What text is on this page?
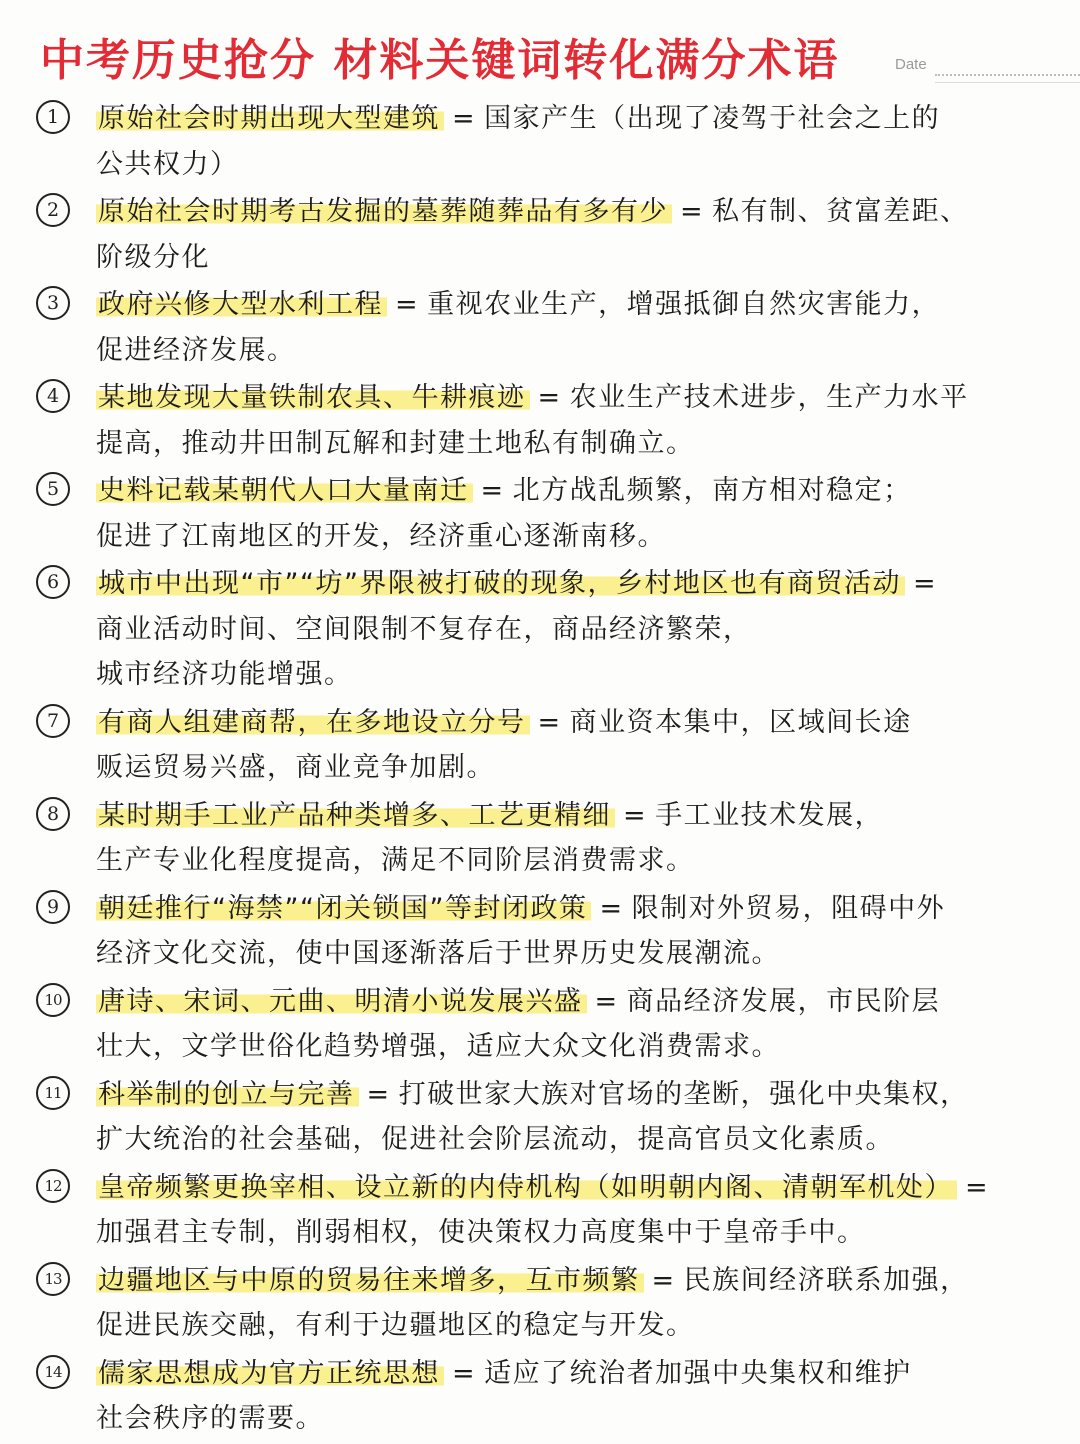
中考历史抢分 材料关键词转化满分术语	Date
1	原始社会时期出现大型建筑 = 国家产生（出现了凌驾于社会之上的
公共权力）
2	原始社会时期考古发掘的墓葬随葬品有多有少 = 私有制、贫富差距、
阶级分化
3	政府兴修大型水利工程 = 重视农业生产，增强抵御自然灾害能力，
促进经济发展。
4	某地发现大量铁制农具、牛耕痕迹 = 农业生产技术进步，生产力水平
提高，推动井田制瓦解和封建土地私有制确立。
5	史料记载某朝代人口大量南迁 = 北方战乱频繁，南方相对稳定；
促进了江南地区的开发，经济重心逐渐南移。
6	城市中出现“市”“坊”界限被打破的现象，乡村地区也有商贸活动 =
商业活动时间、空间限制不复存在，商品经济繁荣，
城市经济功能增强。
7	有商人组建商帮，在多地设立分号 = 商业资本集中，区域间长途
贩运贸易兴盛，商业竞争加剧。
8	某时期手工业产品种类增多、工艺更精细 = 手工业技术发展，
生产专业化程度提高，满足不同阶层消费需求。
9	朝廷推行“海禁”“闭关锁国”等封闭政策 = 限制对外贸易，阻碍中外
经济文化交流，使中国逐渐落后于世界历史发展潮流。
10	唐诗、宋词、元曲、明清小说发展兴盛 = 商品经济发展，市民阶层
壮大，文学世俗化趋势增强，适应大众文化消费需求。
11	科举制的创立与完善 = 打破世家大族对官场的垄断，强化中央集权，
扩大统治的社会基础，促进社会阶层流动，提高官员文化素质。
12	皇帝频繁更换宰相、设立新的内侍机构（如明朝内阁、清朝军机处） =
加强君主专制，削弱相权，使决策权力高度集中于皇帝手中。
13	边疆地区与中原的贸易往来增多，互市频繁 = 民族间经济联系加强，
促进民族交融，有利于边疆地区的稳定与开发。
14	儒家思想成为官方正统思想 = 适应了统治者加强中央集权和维护
社会秩序的需要。
